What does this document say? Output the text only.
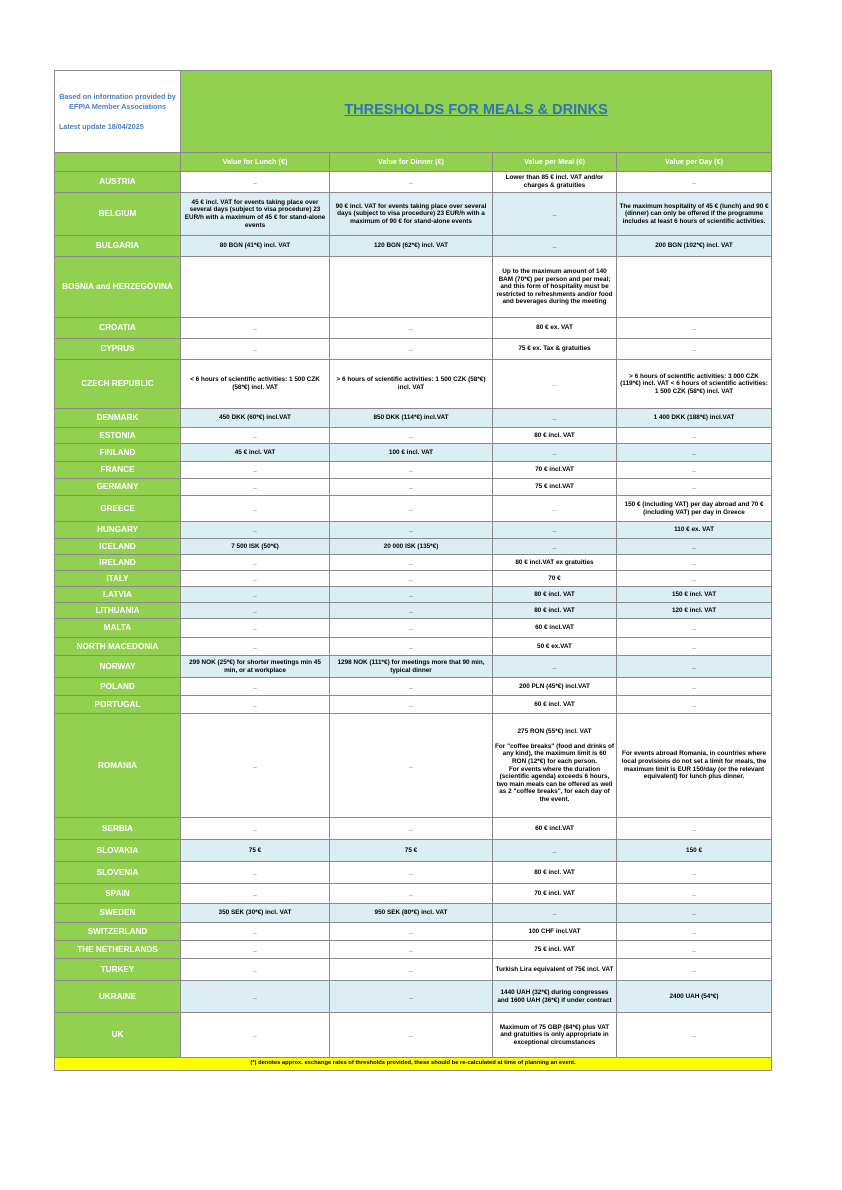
Based on information provided by EFPIA Member Associations
Latest update 18/04/2025	THRESHOLDS FOR MEALS & DRINKS			
	Value for Lunch (€)	Value for Dinner (€)	Value per Meal (€)	Value per Day (€)
AUSTRIA	_	_	Lower than 85 € incl. VAT and/or charges & gratuities	_
BELGIUM	45 € incl. VAT for events taking place over several days (subject to visa procedure) 23 EUR/h with a maximum of 45 € for stand-alone events	90 € incl. VAT for events taking place over several days (subject to visa procedure) 23 EUR/h with a maximum of 90 € for stand-alone events	_	The maximum hospitality of 45 € (lunch) and 90 € (dinner) can only be offered if the programme includes at least 6 hours of scientific activities.
BULGARIA	80 BGN (41*€) incl. VAT	120 BGN (62*€) incl. VAT	_	200 BGN (102*€) incl. VAT
BOSNIA and HERZEGOVINA			Up to the maximum amount of 140 BAM (70*€) per person and per meal; and this form of hospitality must be restricted to refreshments and/or food and beverages during the meeting	
CROATIA	_	_	80 € ex. VAT	_
CYPRUS	_	_	75 € ex. Tax & gratuities	_
CZECH REPUBLIC	< 6 hours of scientific activities: 1 500 CZK (58*€) incl. VAT	> 6 hours of scientific activities: 1 500 CZK (58*€) incl. VAT	_	> 6 hours of scientific activities: 3 000 CZK (119*€) incl. VAT < 6 hours of scientific activities: 1 500 CZK (58*€) incl. VAT
DENMARK	450 DKK (60*€) incl.VAT	850 DKK (114*€) incl.VAT	_	1 400 DKK (188*€) incl.VAT
ESTONIA	_	_	80 € incl. VAT	_
FINLAND	45 € incl. VAT	100 € incl. VAT	_	_
FRANCE	_	_	70 € incl.VAT	_
GERMANY	_	_	75 € incl.VAT	_
GREECE	_	_	_	150 € (including VAT) per day abroad and 70 € (including VAT) per day in Greece
HUNGARY	_	_	_	110 € ex. VAT
ICELAND	7 500 ISK (50*€)	20 000 ISK (135*€)	_	_
IRELAND	_	_	80 € incl.VAT ex gratuities	_
ITALY	_	_	70 €	_
LATVIA	_	_	80 € incl. VAT	150 € incl. VAT
LITHUANIA	_	_	80 € incl. VAT	120 € incl. VAT
MALTA	_	_	60 € incl.VAT	_
NORTH MACEDONIA	_	_	50 € ex.VAT	_
NORWAY	299 NOK (25*€) for shorter meetings min 45 min, or at workplace	1298 NOK (111*€) for meetings more that 90 min, typical dinner	_	_
POLAND	_	_	200 PLN (45*€) incl.VAT	_
PORTUGAL	_	_	60 € incl. VAT	_
ROMANIA	_	_	275 RON (55*€) incl. VAT

For "coffee breaks" (food and drinks of any kind), the maximum limit is 60 RON (12*€) for each person.
For events where the duration (scientific agenda) exceeds 6 hours, two main meals can be offered as well as 2 "coffee breaks", for each day of the event.	For events abroad Romania, in countries where local provisions do not set a limit for meals, the maximum limit is EUR 150/day (or the relevant equivalent) for lunch plus dinner.
SERBIA	_	_	60 € incl.VAT	_
SLOVAKIA	75 €	75 €	_	150 €
SLOVENIA	_	_	80 € incl. VAT	_
SPAIN	_	_	70 € incl. VAT	_
SWEDEN	350 SEK (30*€) incl. VAT	950 SEK (80*€) incl. VAT	_	_
SWITZERLAND	_	_	100 CHF incl.VAT	_
THE NETHERLANDS	_	_	75 € incl. VAT	_
TURKEY	_	_	Turkish Lira equivalent of 75€ incl. VAT	_
UKRAINE	_	_	1440 UAH (32*€) during congresses and 1600 UAH (36*€) if under contract	2400 UAH (54*€)
UK	_	_	Maximum of 75 GBP (84*€) plus VAT and gratuities is only appropriate in exceptional circumstances	_
(*) denotes approx. exchange rates of thresholds provided, these should be re-calculated at time of planning an event.				
